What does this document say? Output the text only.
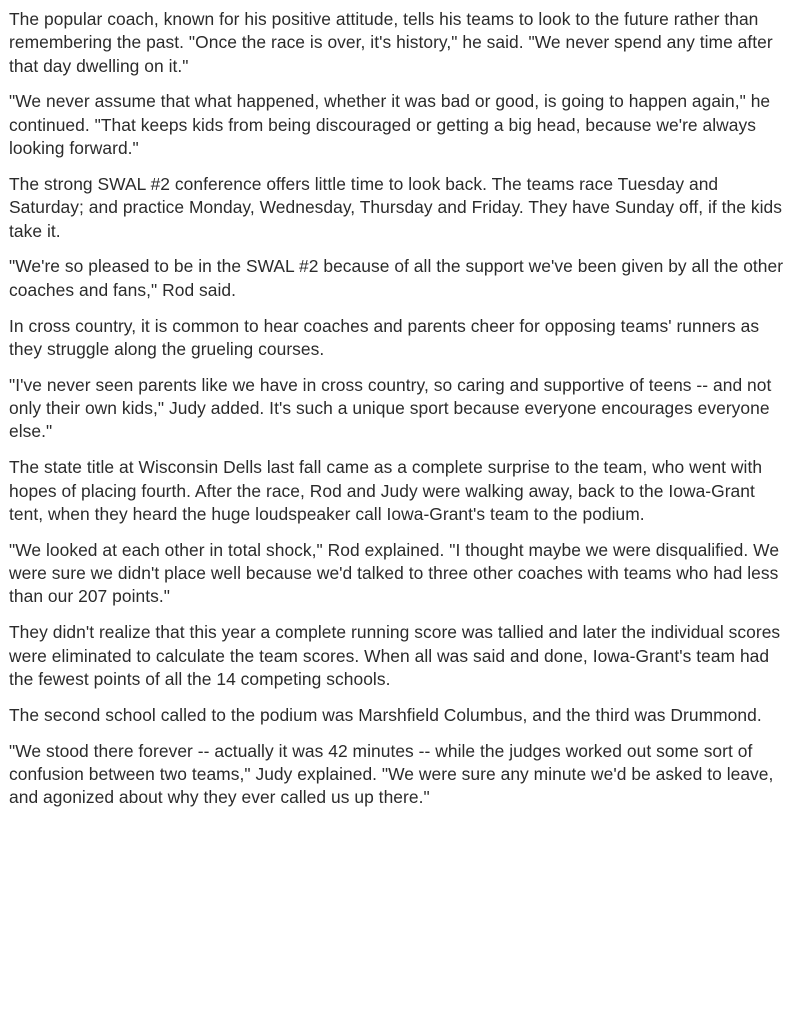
The popular coach, known for his positive attitude, tells his teams to look to the future rather than remembering the past. "Once the race is over, it's history," he said. "We never spend any time after that day dwelling on it."

"We never assume that what happened, whether it was bad or good, is going to happen again," he continued. "That keeps kids from being discouraged or getting a big head, because we're always looking forward."

The strong SWAL #2 conference offers little time to look back. The teams race Tuesday and Saturday; and practice Monday, Wednesday, Thursday and Friday. They have Sunday off, if the kids take it.

"We're so pleased to be in the SWAL #2 because of all the support we've been given by all the other coaches and fans," Rod said.

In cross country, it is common to hear coaches and parents cheer for opposing teams' runners as they struggle along the grueling courses.

"I've never seen parents like we have in cross country, so caring and supportive of teens -- and not only their own kids," Judy added. It's such a unique sport because everyone encourages everyone else."

The state title at Wisconsin Dells last fall came as a complete surprise to the team, who went with hopes of placing fourth. After the race, Rod and Judy were walking away, back to the Iowa-Grant tent, when they heard the huge loudspeaker call Iowa-Grant's team to the podium.

"We looked at each other in total shock," Rod explained. "I thought maybe we were disqualified. We were sure we didn't place well because we'd talked to three other coaches with teams who had less than our 207 points."

They didn't realize that this year a complete running score was tallied and later the individual scores were eliminated to calculate the team scores. When all was said and done, Iowa-Grant's team had the fewest points of all the 14 competing schools.

The second school called to the podium was Marshfield Columbus, and the third was Drummond.

"We stood there forever -- actually it was 42 minutes -- while the judges worked out some sort of confusion between two teams," Judy explained. "We were sure any minute we'd be asked to leave, and agonized about why they ever called us up there."
